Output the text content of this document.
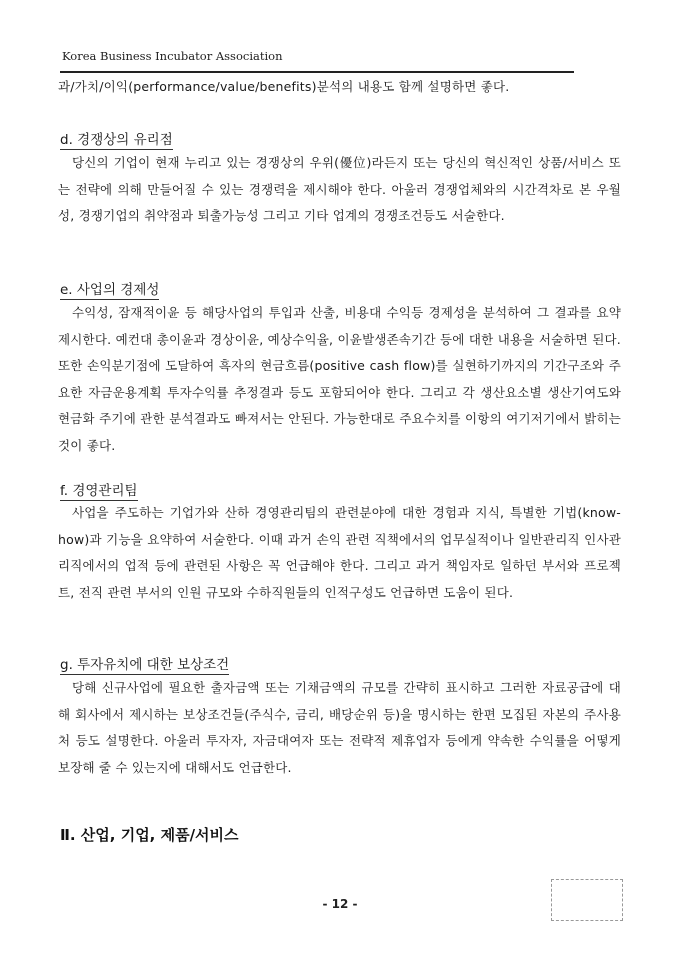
Korea Business Incubator Association
과/가치/이익(performance/value/benefits)분석의 내용도 함께 설명하면 좋다.
d. 경쟁상의 유리점
당신의 기업이 현재 누리고 있는 경쟁상의 우위(優位)라든지 또는 당신의 혁신적인 상품/서비스 또는 전략에 의해 만들어질 수 있는 경쟁력을 제시해야 한다. 아울러 경쟁업체와의 시간격차로 본 우월성, 경쟁기업의 취약점과 퇴출가능성 그리고 기타 업계의 경쟁조건등도 서술한다.
e. 사업의 경제성
수익성, 잠재적이윤 등 해당사업의 투입과 산출, 비용대 수익등 경제성을 분석하여 그 결과를 요약 제시한다. 예컨대 총이윤과 경상이윤, 예상수익율, 이윤발생존속기간 등에 대한 내용을 서술하면 된다. 또한 손익분기점에 도달하여 흑자의 현금흐름(positive cash flow)를 실현하기까지의 기간구조와 주요한 자금운용계획 투자수익률 추정결과 등도 포함되어야 한다. 그리고 각 생산요소별 생산기여도와 현금화 주기에 관한 분석결과도 빠져서는 안된다. 가능한대로 주요수치를 이항의 여기저기에서 밝히는 것이 좋다.
f. 경영관리팀
사업을 주도하는 기업가와 산하 경영관리팀의 관련분야에 대한 경험과 지식, 특별한 기법(know-how)과 기능을 요약하여 서술한다. 이때 과거 손익 관련 직책에서의 업무실적이나 일반관리직 인사관리직에서의 업적 등에 관련된 사항은 꼭 언급해야 한다. 그리고 과거 책임자로 일하던 부서와 프로젝트, 전직 관련 부서의 인원 규모와 수하직원들의 인적구성도 언급하면 도움이 된다.
g. 투자유치에 대한 보상조건
당해 신규사업에 필요한 출자금액 또는 기채금액의 규모를 간략히 표시하고 그러한 자료공급에 대해 회사에서 제시하는 보상조건들(주식수, 금리, 배당순위 등)을 명시하는 한편 모집된 자본의 주사용처 등도 설명한다. 아울러 투자자, 자금대여자 또는 전략적 제휴업자 등에게 약속한 수익률을 어떻게 보장해 줄 수 있는지에 대해서도 언급한다.
Ⅱ. 산업, 기업, 제품/서비스
- 12 -
